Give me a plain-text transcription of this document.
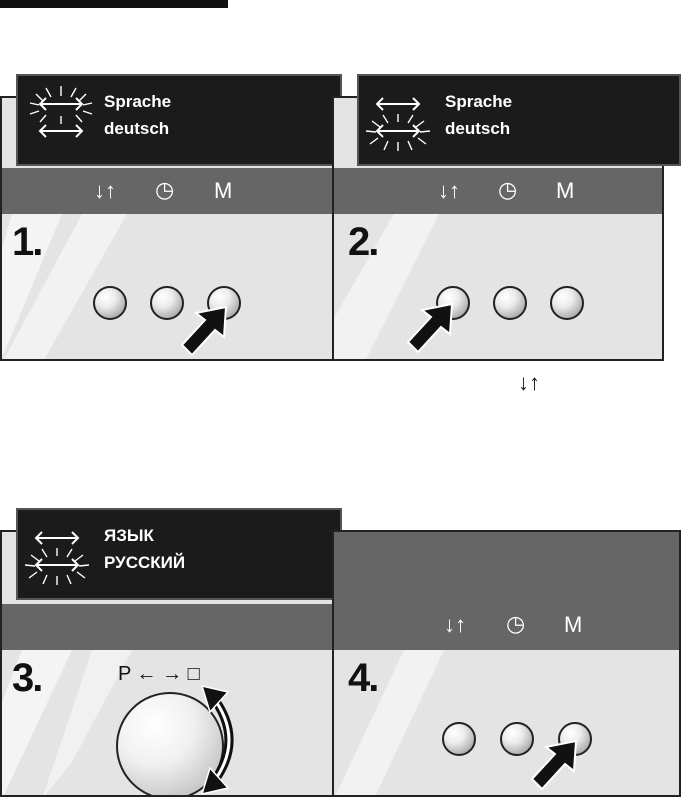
↓↑ ◷ M
1.
Sprache
deutsch
↓↑ ◷ M
2.
Sprache
deutsch
↓↑
3.	P ← → □
ЯЗЫК
РУССКИЙ
↓↑ ◷ M
4.
